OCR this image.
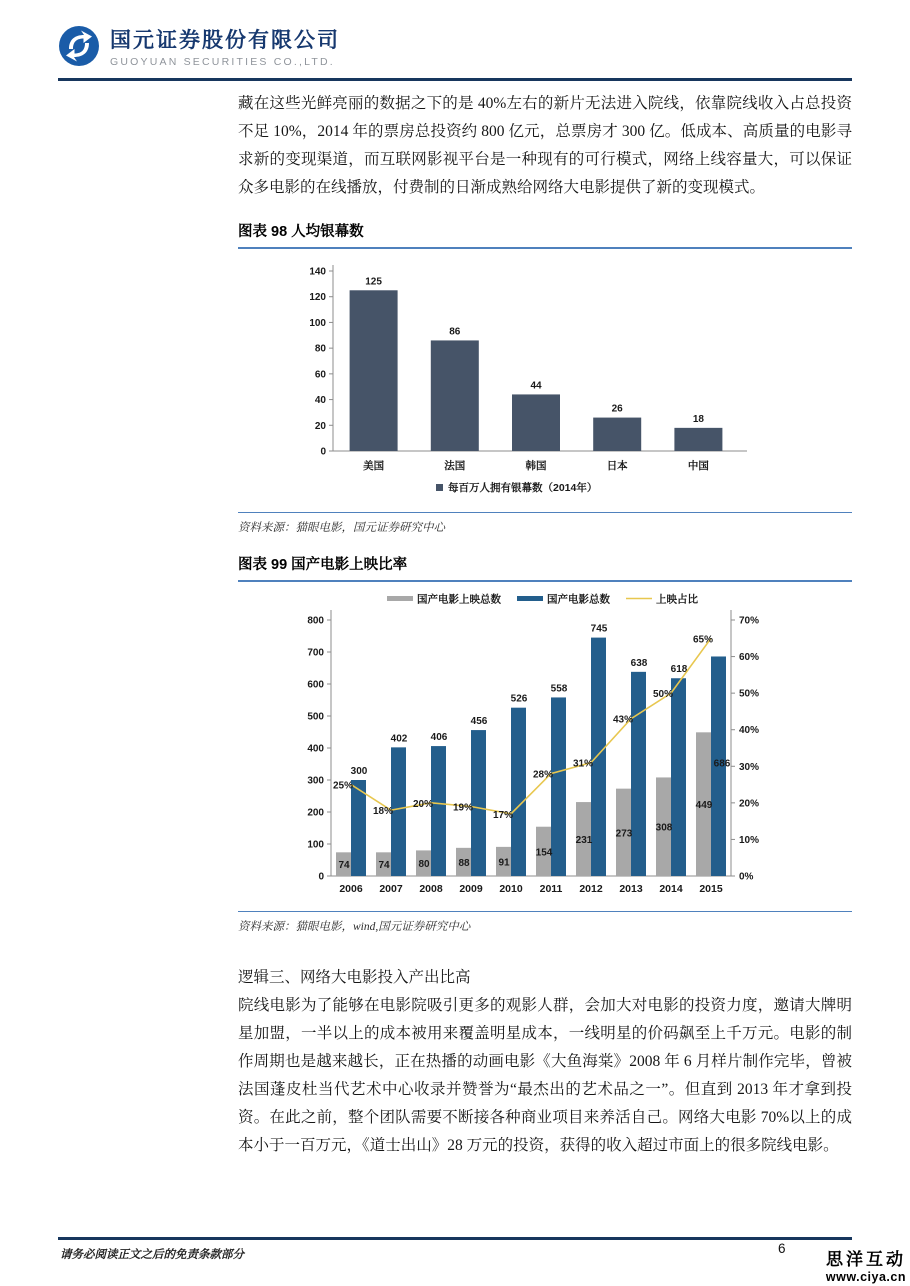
国元证券股份有限公司
GUOYUAN SECURITIES CO.,LTD.

藏在这些光鲜亮丽的数据之下的是 40%左右的新片无法进入院线，依靠院线收入占总投资不足 10%，2014 年的票房总投资约 800 亿元，总票房才 300 亿。低成本、高质量的电影寻求新的变现渠道，而互联网影视平台是一种现有的可行模式，网络上线容量大，可以保证众多电影的在线播放，付费制的日渐成熟给网络大电影提供了新的变现模式。

图表 98 人均银幕数
0
20
40
60
80
100
120
140
125
美国
86
法国
44
韩国
26
日本
18
中国
每百万人拥有银幕数（2014年）
资料来源：猫眼电影，国元证券研究中心
图表 99 国产电影上映比率
国产电影上映总数	国产电影总数	上映占比
0
100
200
300
400
500
600
700
800
0%
10%
20%
30%
40%
50%
60%
70%
300
74
2006
402
74
2007
406
80
2008
456
88
2009
526
91
2010
558
154
2011
745
231
2012
638
273
2013
618
308
2014
686
449
2015
25%
18%
20% 19%
17%
28%
31%
43%
50%
65%
资料来源：猫眼电影，wind,国元证券研究中心
逻辑三、网络大电影投入产出比高

院线电影为了能够在电影院吸引更多的观影人群，会加大对电影的投资力度，邀请大牌明星加盟，一半以上的成本被用来覆盖明星成本，一线明星的价码飙至上千万元。电影的制作周期也是越来越长，正在热播的动画电影《大鱼海棠》2008 年 6 月样片制作完毕，曾被法国蓬皮杜当代艺术中心收录并赞誉为“最杰出的艺术品之一”。但直到 2013 年才拿到投资。在此之前，整个团队需要不断接各种商业项目来养活自己。网络大电影 70%以上的成本小于一百万元，《道士出山》28 万元的投资，获得的收入超过市面上的很多院线电影。

请务必阅读正文之后的免责条款部分	6
思洋互动
www.ciya.cn
